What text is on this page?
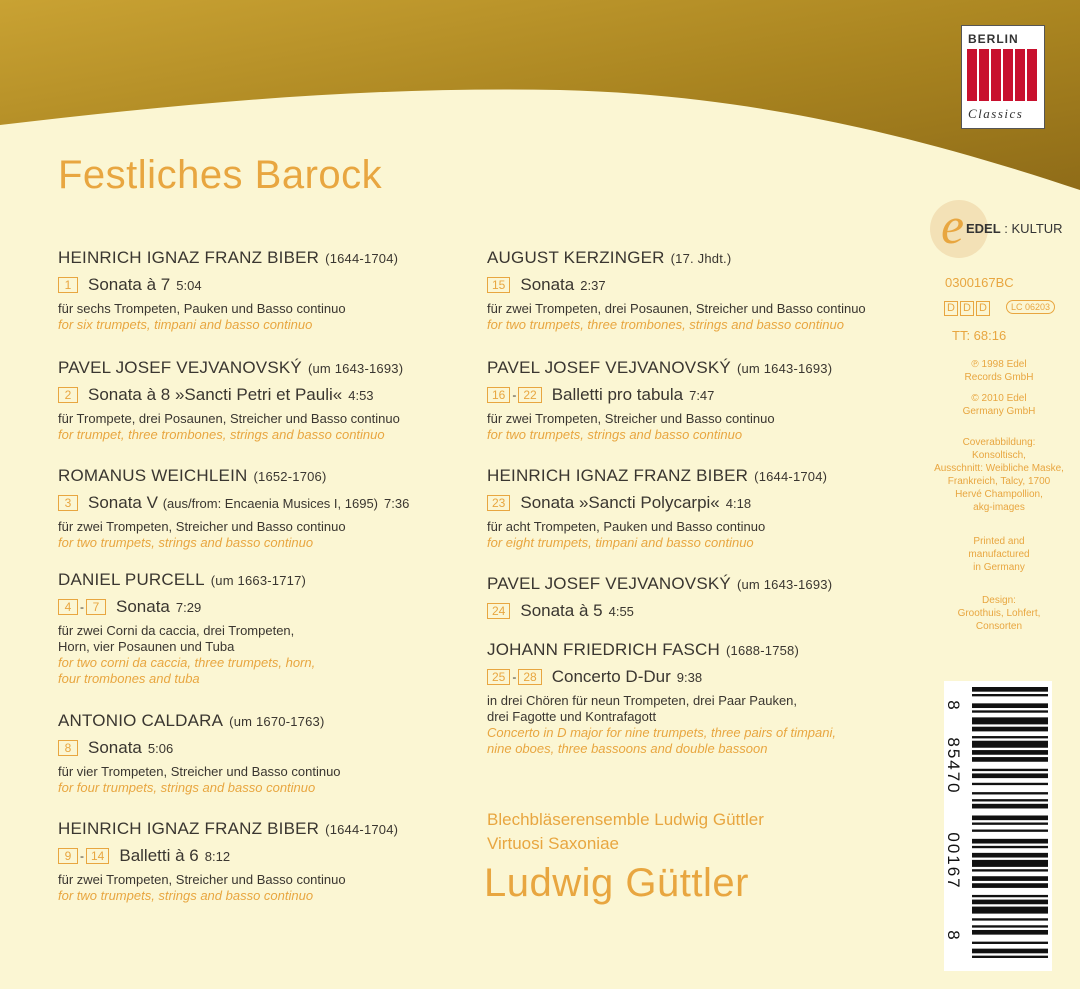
BERLIN
Classics
Festliches Barock
HEINRICH IGNAZ FRANZ BIBER (1644-1704)
1 Sonata à 7 5:04
für sechs Trompeten, Pauken und Basso continuo
for six trumpets, timpani and basso continuo
PAVEL JOSEF VEJVANOVSKÝ (um 1643-1693)
2 Sonata à 8 »Sancti Petri et Pauli« 4:53
für Trompete, drei Posaunen, Streicher und Basso continuo
for trumpet, three trombones, strings and basso continuo
ROMANUS WEICHLEIN (1652-1706)
3 Sonata V (aus/from: Encaenia Musices I, 1695) 7:36
für zwei Trompeten, Streicher und Basso continuo
for two trumpets, strings and basso continuo
DANIEL PURCELL (um 1663-1717)
4 - 7 Sonata 7:29
für zwei Corni da caccia, drei Trompeten,
Horn, vier Posaunen und Tuba
for two corni da caccia, three trumpets, horn,
four trombones and tuba
ANTONIO CALDARA (um 1670-1763)
8 Sonata 5:06
für vier Trompeten, Streicher und Basso continuo
for four trumpets, strings and basso continuo
HEINRICH IGNAZ FRANZ BIBER (1644-1704)
9 - 14 Balletti à 6 8:12
für zwei Trompeten, Streicher und Basso continuo
for two trumpets, strings and basso continuo
AUGUST KERZINGER (17. Jhdt.)
15 Sonata 2:37
für zwei Trompeten, drei Posaunen, Streicher und Basso continuo
for two trumpets, three trombones, strings and basso continuo
PAVEL JOSEF VEJVANOVSKÝ (um 1643-1693)
16 - 22 Balletti pro tabula 7:47
für zwei Trompeten, Streicher und Basso continuo
for two trumpets, strings and basso continuo
HEINRICH IGNAZ FRANZ BIBER (1644-1704)
23 Sonata »Sancti Polycarpi« 4:18
für acht Trompeten, Pauken und Basso continuo
for eight trumpets, timpani and basso continuo
PAVEL JOSEF VEJVANOVSKÝ (um 1643-1693)
24 Sonata à 5 4:55
JOHANN FRIEDRICH FASCH (1688-1758)
25 - 28 Concerto D-Dur 9:38
in drei Chören für neun Trompeten, drei Paar Pauken,
drei Fagotte und Kontrafagott
Concerto in D major for nine trumpets, three pairs of timpani,
nine oboes, three bassoons and double bassoon
Blechbläserensemble Ludwig Güttler
Virtuosi Saxoniae
Ludwig Güttler
e EDEL : KULTUR
0300167BC
D D D	LC 06203
TT: 68:16
℗ 1998 Edel
Records GmbH
© 2010 Edel
Germany GmbH
Coverabbildung:
Konsoltisch,
Ausschnitt: Weibliche Maske,
Frankreich, Talcy, 1700
Hervé Champollion,
akg-images
Printed and
manufactured
in Germany
Design:
Groothuis, Lohfert,
Consorten
8
85470
00167
8
